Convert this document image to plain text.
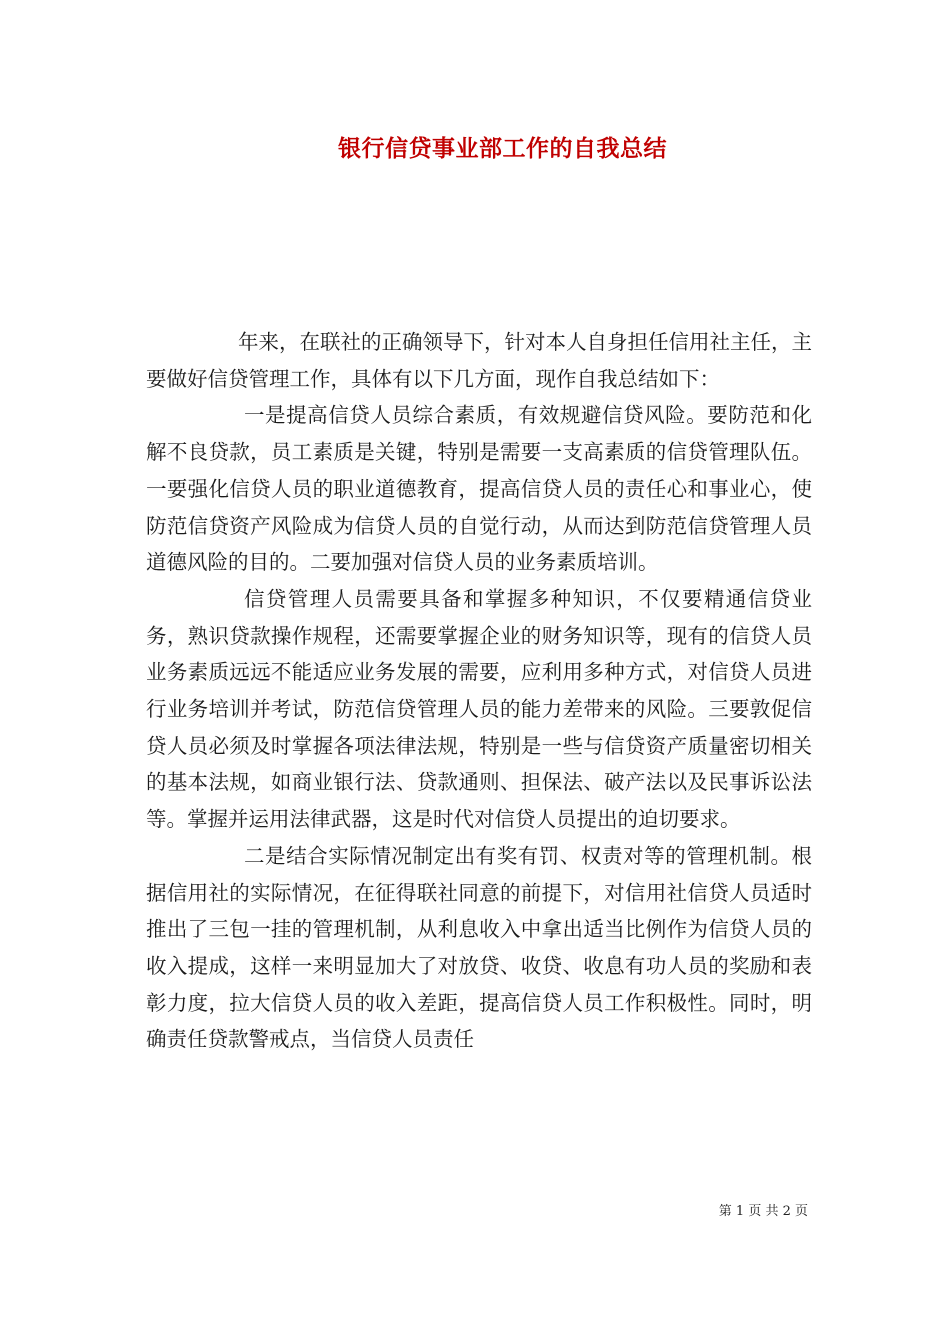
银行信贷事业部工作的自我总结

年来，在联社的正确领导下，针对本人自身担任信用社主任，主要做好信贷管理工作，具体有以下几方面，现作自我总结如下：

一是提高信贷人员综合素质，有效规避信贷风险。要防范和化解不良贷款，员工素质是关键，特别是需要一支高素质的信贷管理队伍。一要强化信贷人员的职业道德教育，提高信贷人员的责任心和事业心，使防范信贷资产风险成为信贷人员的自觉行动，从而达到防范信贷管理人员道德风险的目的。二要加强对信贷人员的业务素质培训。

信贷管理人员需要具备和掌握多种知识，不仅要精通信贷业务，熟识贷款操作规程，还需要掌握企业的财务知识等，现有的信贷人员业务素质远远不能适应业务发展的需要，应利用多种方式，对信贷人员进行业务培训并考试，防范信贷管理人员的能力差带来的风险。三要敦促信贷人员必须及时掌握各项法律法规，特别是一些与信贷资产质量密切相关的基本法规，如商业银行法、贷款通则、担保法、破产法以及民事诉讼法等。掌握并运用法律武器，这是时代对信贷人员提出的迫切要求。

二是结合实际情况制定出有奖有罚、权责对等的管理机制。根据信用社的实际情况，在征得联社同意的前提下，对信用社信贷人员适时推出了三包一挂的管理机制，从利息收入中拿出适当比例作为信贷人员的收入提成，这样一来明显加大了对放贷、收贷、收息有功人员的奖励和表彰力度，拉大信贷人员的收入差距，提高信贷人员工作积极性。同时，明确责任贷款警戒点，当信贷人员责任

第 1 页 共 2 页
